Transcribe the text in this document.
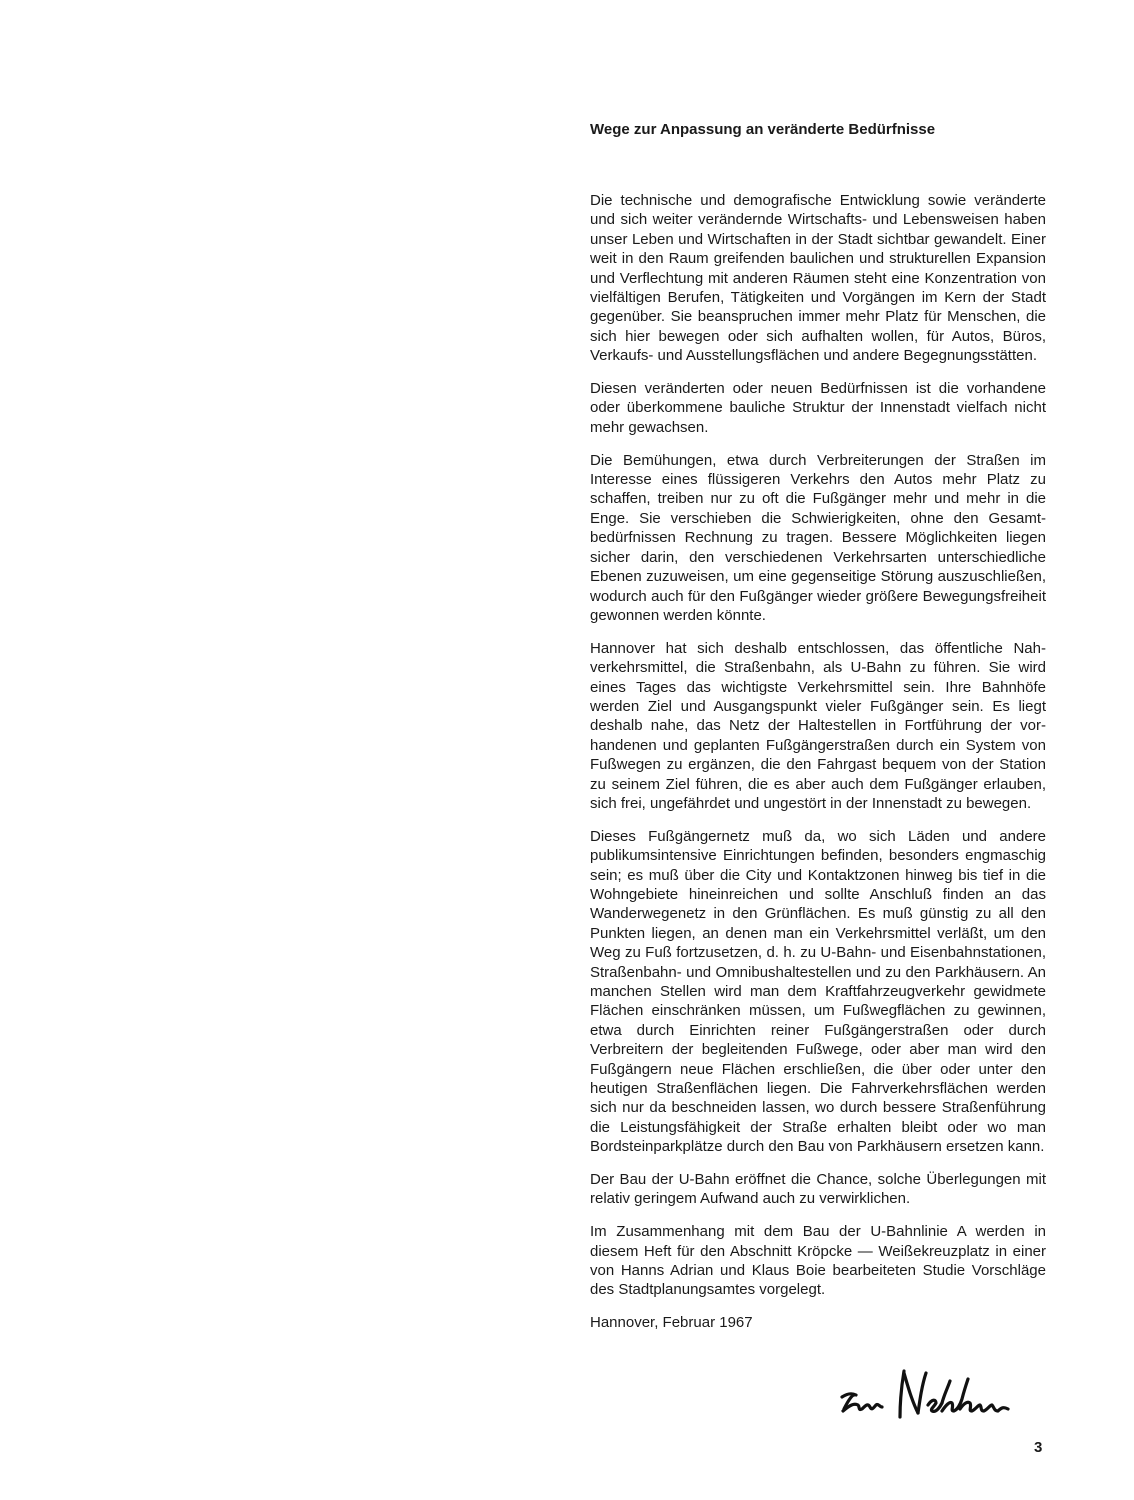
Wege zur Anpassung an veränderte Bedürfnisse

Die technische und demografische Entwicklung sowie veränderte und sich weiter verändernde Wirtschafts- und Lebensweisen haben unser Leben und Wirtschaften in der Stadt sichtbar gewandelt. Einer weit in den Raum greifenden baulichen und strukturellen Expansion und Verflechtung mit anderen Räumen steht eine Konzentration von vielfältigen Berufen, Tätigkeiten und Vorgängen im Kern der Stadt gegenüber. Sie beanspruchen immer mehr Platz für Menschen, die sich hier bewegen oder sich aufhalten wollen, für Autos, Büros, Verkaufs- und Ausstellungsflächen und andere Begegnungsstätten.

Diesen veränderten oder neuen Bedürfnissen ist die vorhandene oder überkommene bauliche Struktur der Innenstadt vielfach nicht mehr gewachsen.

Die Bemühungen, etwa durch Verbreiterungen der Straßen im Interesse eines flüssigeren Verkehrs den Autos mehr Platz zu schaffen, treiben nur zu oft die Fußgänger mehr und mehr in die Enge. Sie verschieben die Schwierigkeiten, ohne den Gesamtbedürfnissen Rechnung zu tragen. Bessere Möglichkeiten liegen sicher darin, den verschiedenen Verkehrsarten unterschiedliche Ebenen zuzuweisen, um eine gegenseitige Störung auszuschließen, wodurch auch für den Fußgänger wieder größere Bewegungsfreiheit gewonnen werden könnte.

Hannover hat sich deshalb entschlossen, das öffentliche Nahverkehrsmittel, die Straßenbahn, als U-Bahn zu führen. Sie wird eines Tages das wichtigste Verkehrsmittel sein. Ihre Bahnhöfe werden Ziel und Ausgangspunkt vieler Fußgänger sein. Es liegt deshalb nahe, das Netz der Haltestellen in Fortführung der vorhandenen und geplanten Fußgängerstraßen durch ein System von Fußwegen zu ergänzen, die den Fahrgast bequem von der Station zu seinem Ziel führen, die es aber auch dem Fußgänger erlauben, sich frei, ungefährdet und ungestört in der Innenstadt zu bewegen.

Dieses Fußgängernetz muß da, wo sich Läden und andere publikumsintensive Einrichtungen befinden, besonders engmaschig sein; es muß über die City und Kontaktzonen hinweg bis tief in die Wohngebiete hineinreichen und sollte Anschluß finden an das Wanderwegenetz in den Grünflächen. Es muß günstig zu all den Punkten liegen, an denen man ein Verkehrsmittel verläßt, um den Weg zu Fuß fortzusetzen, d. h. zu U-Bahn- und Eisenbahnstationen, Straßenbahn- und Omnibushaltestellen und zu den Parkhäusern. An manchen Stellen wird man dem Kraftfahrzeugverkehr gewidmete Flächen einschränken müssen, um Fußwegflächen zu gewinnen, etwa durch Einrichten reiner Fußgängerstraßen oder durch Verbreitern der begleitenden Fußwege, oder aber man wird den Fußgängern neue Flächen erschließen, die über oder unter den heutigen Straßenflächen liegen. Die Fahrverkehrsflächen werden sich nur da beschneiden lassen, wo durch bessere Straßenführung die Leistungsfähigkeit der Straße erhalten bleibt oder wo man Bordsteinparkplätze durch den Bau von Parkhäusern ersetzen kann.

Der Bau der U-Bahn eröffnet die Chance, solche Überlegungen mit relativ geringem Aufwand auch zu verwirklichen.

Im Zusammenhang mit dem Bau der U-Bahnlinie A werden in diesem Heft für den Abschnitt Kröpcke — Weißekreuzplatz in einer von Hanns Adrian und Klaus Boie bearbeiteten Studie Vorschläge des Stadtplanungsamtes vorgelegt.

Hannover, Februar 1967

3
